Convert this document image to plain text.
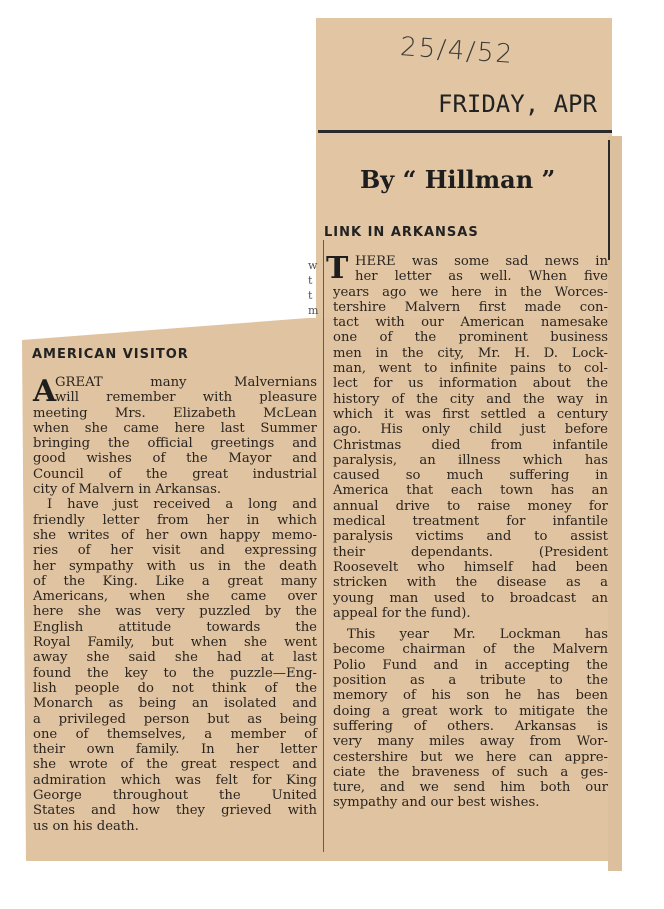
25/4/52
FRIDAY, APR
By “ Hillman ”
LINK IN ARKANSAS
w
t
t
m
T HERE was some sad news in
her letter as well. When five
years ago we here in the Worces-
tershire Malvern first made con-
tact with our American namesake
one of the prominent business
men in the city, Mr. H. D. Lock-
man, went to infinite pains to col-
lect for us information about the
history of the city and the way in
which it was first settled a century
ago. His only child just before
Christmas died from infantile
paralysis, an illness which has
caused so much suffering in
America that each town has an
annual drive to raise money for
medical treatment for infantile
paralysis victims and to assist
their dependants. (President
Roosevelt who himself had been
stricken with the disease as a
young man used to broadcast an
appeal for the fund).
This year Mr. Lockman has
become chairman of the Malvern
Polio Fund and in accepting the
position as a tribute to the
memory of his son he has been
doing a great work to mitigate the
suffering of others. Arkansas is
very many miles away from Wor-
cestershire but we here can appre-
ciate the braveness of such a ges-
ture, and we send him both our
sympathy and our best wishes.
AMERICAN VISITOR
A
GREAT many Malvernians
will remember with pleasure
meeting Mrs. Elizabeth McLean
when she came here last Summer
bringing the official greetings and
good wishes of the Mayor and
Council of the great industrial
city of Malvern in Arkansas.
I have just received a long and
friendly letter from her in which
she writes of her own happy memo-
ries of her visit and expressing
her sympathy with us in the death
of the King. Like a great many
Americans, when she came over
here she was very puzzled by the
English attitude towards the
Royal Family, but when she went
away she said she had at last
found the key to the puzzle—Eng-
lish people do not think of the
Monarch as being an isolated and
a privileged person but as being
one of themselves, a member of
their own family. In her letter
she wrote of the great respect and
admiration which was felt for King
George throughout the United
States and how they grieved with
us on his death.
